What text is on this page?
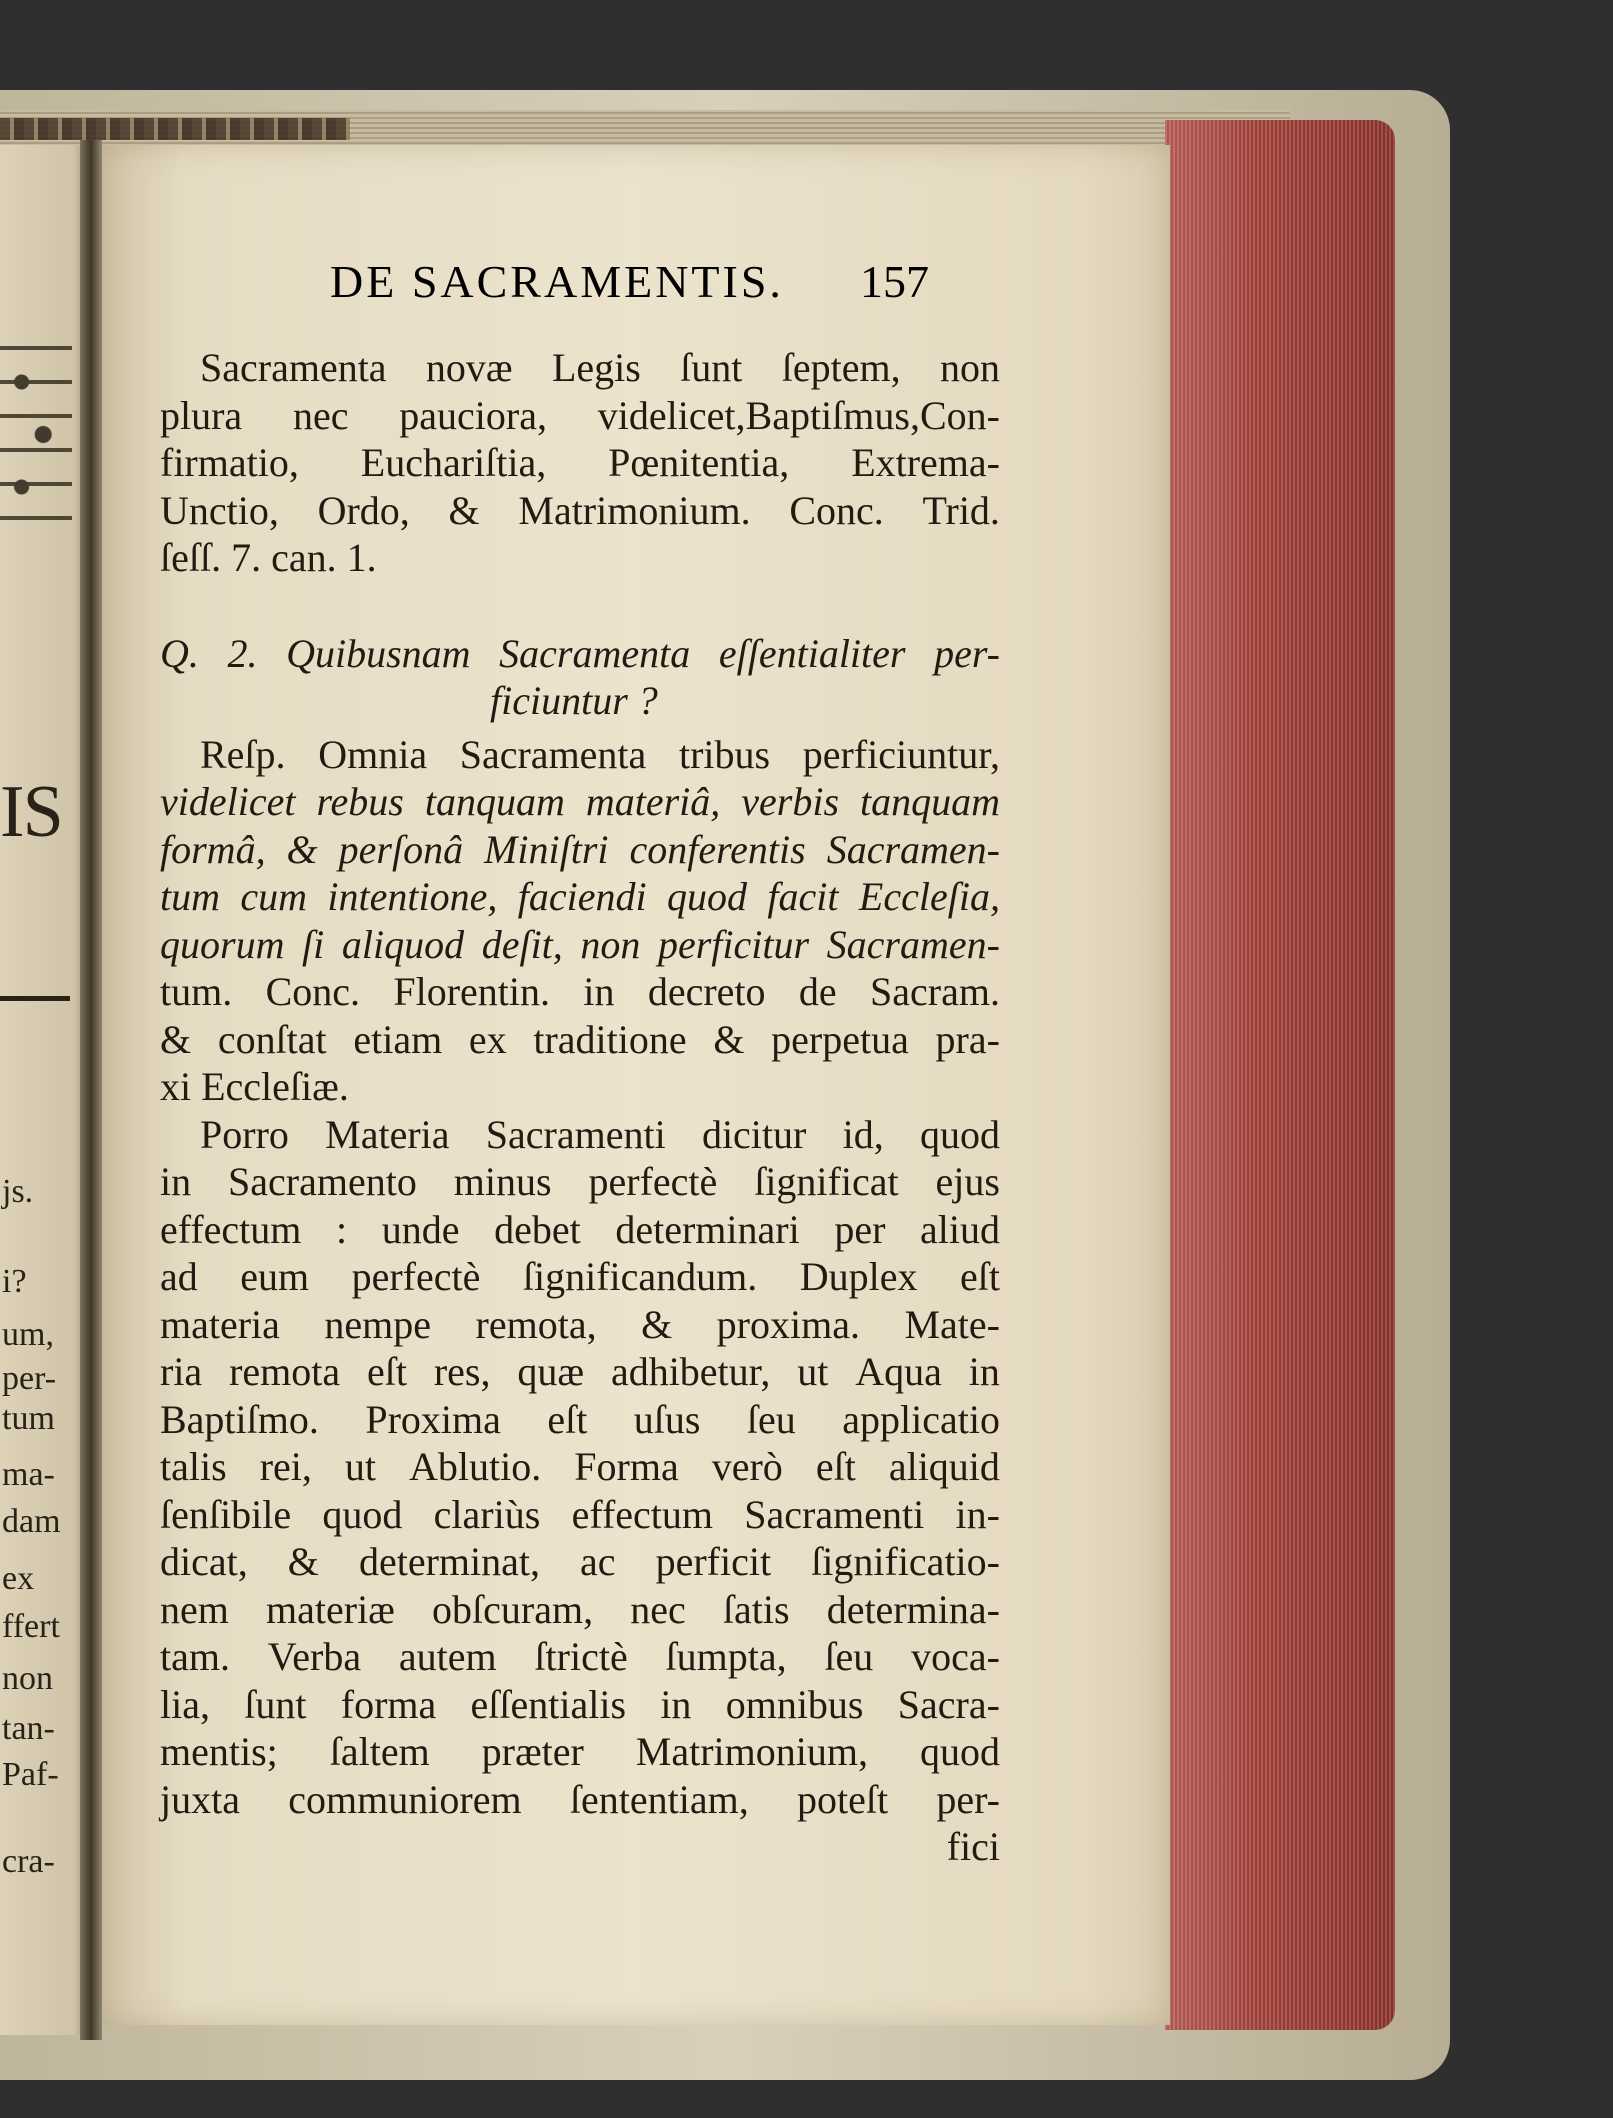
IS
js.
i?
um,
per-
tum
ma-
dam
ex
ffert
non
tan-
Paf-
cra-
DE SACRAMENTIS. 157
Sacramenta novæ Legis ſunt ſeptem, non
plura nec pauciora, videlicet,Baptiſmus,Con-
firmatio, Euchariſtia, Pœnitentia, Extrema-
Unctio, Ordo, & Matrimonium. Conc. Trid.
ſeſſ. 7. can. 1.
Q. 2. Quibusnam Sacramenta eſſentialiter per-
ficiuntur ?
Reſp. Omnia Sacramenta tribus perficiuntur,
videlicet rebus tanquam materiâ, verbis tanquam
formâ, & perſonâ Miniſtri conferentis Sacramen-
tum cum intentione, faciendi quod facit Eccleſia,
quorum ſi aliquod deſit, non perficitur Sacramen-
tum. Conc. Florentin. in decreto de Sacram.
& conſtat etiam ex traditione & perpetua pra-
xi Eccleſiæ.
Porro Materia Sacramenti dicitur id, quod
in Sacramento minus perfectè ſignificat ejus
effectum : unde debet determinari per aliud
ad eum perfectè ſignificandum. Duplex eſt
materia nempe remota, & proxima. Mate-
ria remota eſt res, quæ adhibetur, ut Aqua in
Baptiſmo. Proxima eſt uſus ſeu applicatio
talis rei, ut Ablutio. Forma verò eſt aliquid
ſenſibile quod clariùs effectum Sacramenti in-
dicat, & determinat, ac perficit ſignificatio-
nem materiæ obſcuram, nec ſatis determina-
tam. Verba autem ſtrictè ſumpta, ſeu voca-
lia, ſunt forma eſſentialis in omnibus Sacra-
mentis; ſaltem præter Matrimonium, quod
juxta communiorem ſententiam, poteſt per-
fici
